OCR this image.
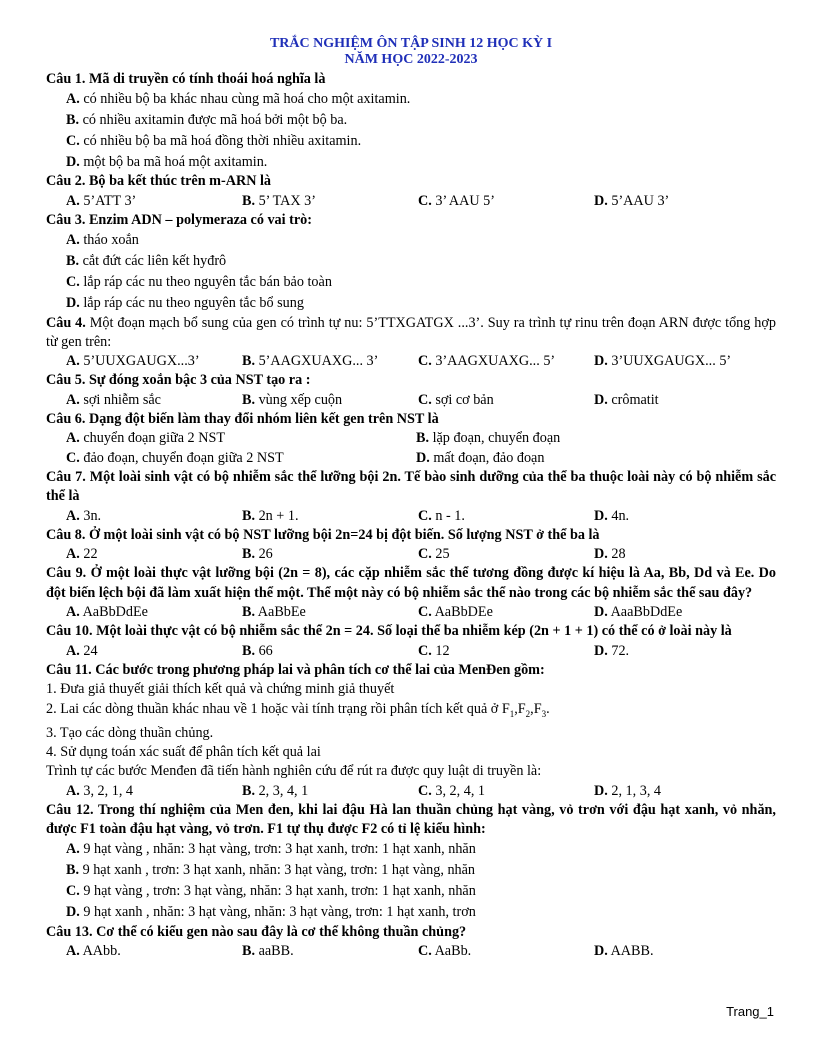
TRẮC NGHIỆM ÔN TẬP SINH 12 HỌC KỲ I
NĂM HỌC 2022-2023
Câu 1. Mã di truyền có tính thoái hoá nghĩa là
A. có nhiều bộ ba khác nhau cùng mã hoá cho một axitamin.
B. có nhiều axitamin được mã hoá bởi một bộ ba.
C. có nhiều bộ ba mã hoá đồng thời nhiều axitamin.
D. một bộ ba mã hoá một axitamin.
Câu 2. Bộ ba kết thúc trên m-ARN là
A. 5’ATT 3’	B. 5’ TAX 3’	C. 3’ AAU 5’	D. 5’AAU 3’
Câu 3. Enzim ADN – polymeraza có vai trò:
A. tháo xoắn
B. cắt đứt các liên kết hyđrô
C. lắp ráp các nu theo nguyên tắc bán bảo toàn
D. lắp ráp các nu theo nguyên tắc bổ sung
Câu 4. Một đoạn mạch bổ sung của gen có trình tự nu: 5’TTXGATGX ...3’. Suy ra trình tự rinu trên đoạn ARN được tổng hợp từ gen trên:
A. 5’UUXGAUGX...3’	B. 5’AAGXUAXG... 3’	C. 3’AAGXUAXG... 5’	D. 3’UUXGAUGX... 5’
Câu 5. Sự đóng xoắn bậc 3 của NST tạo ra :
A. sợi nhiễm sắc	B. vùng xếp cuộn	C. sợi cơ bản	D. crômatit
Câu 6. Dạng đột biến làm thay đổi nhóm liên kết gen trên NST là
A. chuyển đoạn giữa 2 NST	B. lặp đoạn, chuyển đoạn
C. đảo đoạn, chuyển đoạn giữa 2 NST	D. mất đoạn, đảo đoạn
Câu 7. Một loài sinh vật có bộ nhiễm sắc thể lưỡng bội 2n. Tế bào sinh dưỡng của thể ba thuộc loài này có bộ nhiễm sắc thể là
A. 3n.	B. 2n + 1.	C. n - 1.	D. 4n.
Câu 8. Ở một loài sinh vật có bộ NST lưỡng bội 2n=24 bị đột biến. Số lượng NST ở thể ba là
A. 22	B. 26	C. 25	D. 28
Câu 9. Ở một loài thực vật lưỡng bội (2n = 8), các cặp nhiễm sắc thể tương đồng được kí hiệu là Aa, Bb, Dd và Ee. Do đột biến lệch bội đã làm xuất hiện thể một. Thể một này có bộ nhiễm sắc thể nào trong các bộ nhiễm sắc thể sau đây?
A. AaBbDdEe	B. AaBbEe	C. AaBbDEe	D. AaaBbDdEe
Câu 10. Một loài thực vật có bộ nhiễm sắc thể 2n = 24. Số loại thể ba nhiễm kép (2n + 1 + 1) có thể có ở loài này là
A. 24	B. 66	C. 12	D. 72.
Câu 11. Các bước trong phương pháp lai và phân tích cơ thể lai của MenĐen gồm:
1. Đưa giả thuyết giải thích kết quả và chứng minh giả thuyết
2. Lai các dòng thuần khác nhau về 1 hoặc vài tính trạng rồi phân tích kết quả ở $F_1,F_2,F_3$.
3. Tạo các dòng thuần chủng.
4. Sử dụng toán xác suất để phân tích kết quả lai
Trình tự các bước Menđen đã tiến hành nghiên cứu để rút ra được quy luật di truyền là:
A. 3, 2, 1, 4	B. 2, 3, 4, 1	C. 3, 2, 4, 1	D. 2, 1, 3, 4
Câu 12. Trong thí nghiệm của Men đen, khi lai đậu Hà lan thuần chủng hạt vàng, vỏ trơn với đậu hạt xanh, vỏ nhăn, được F1 toàn đậu hạt vàng, vỏ trơn. F1 tự thụ được F2 có tỉ lệ kiểu hình:
A. 9 hạt vàng , nhăn: 3 hạt vàng, trơn: 3 hạt xanh, trơn: 1 hạt xanh, nhăn
B. 9 hạt xanh , trơn: 3 hạt xanh, nhăn: 3 hạt vàng, trơn: 1 hạt vàng, nhăn
C. 9 hạt vàng , trơn: 3 hạt vàng, nhăn: 3 hạt xanh, trơn: 1 hạt xanh, nhăn
D. 9 hạt xanh , nhăn: 3 hạt vàng, nhăn: 3 hạt vàng, trơn: 1 hạt xanh, trơn
Câu 13. Cơ thể có kiểu gen nào sau đây là cơ thể không thuần chủng?
A. AAbb.	B. aaBB.	C. AaBb.	D. AABB.
Trang_1
